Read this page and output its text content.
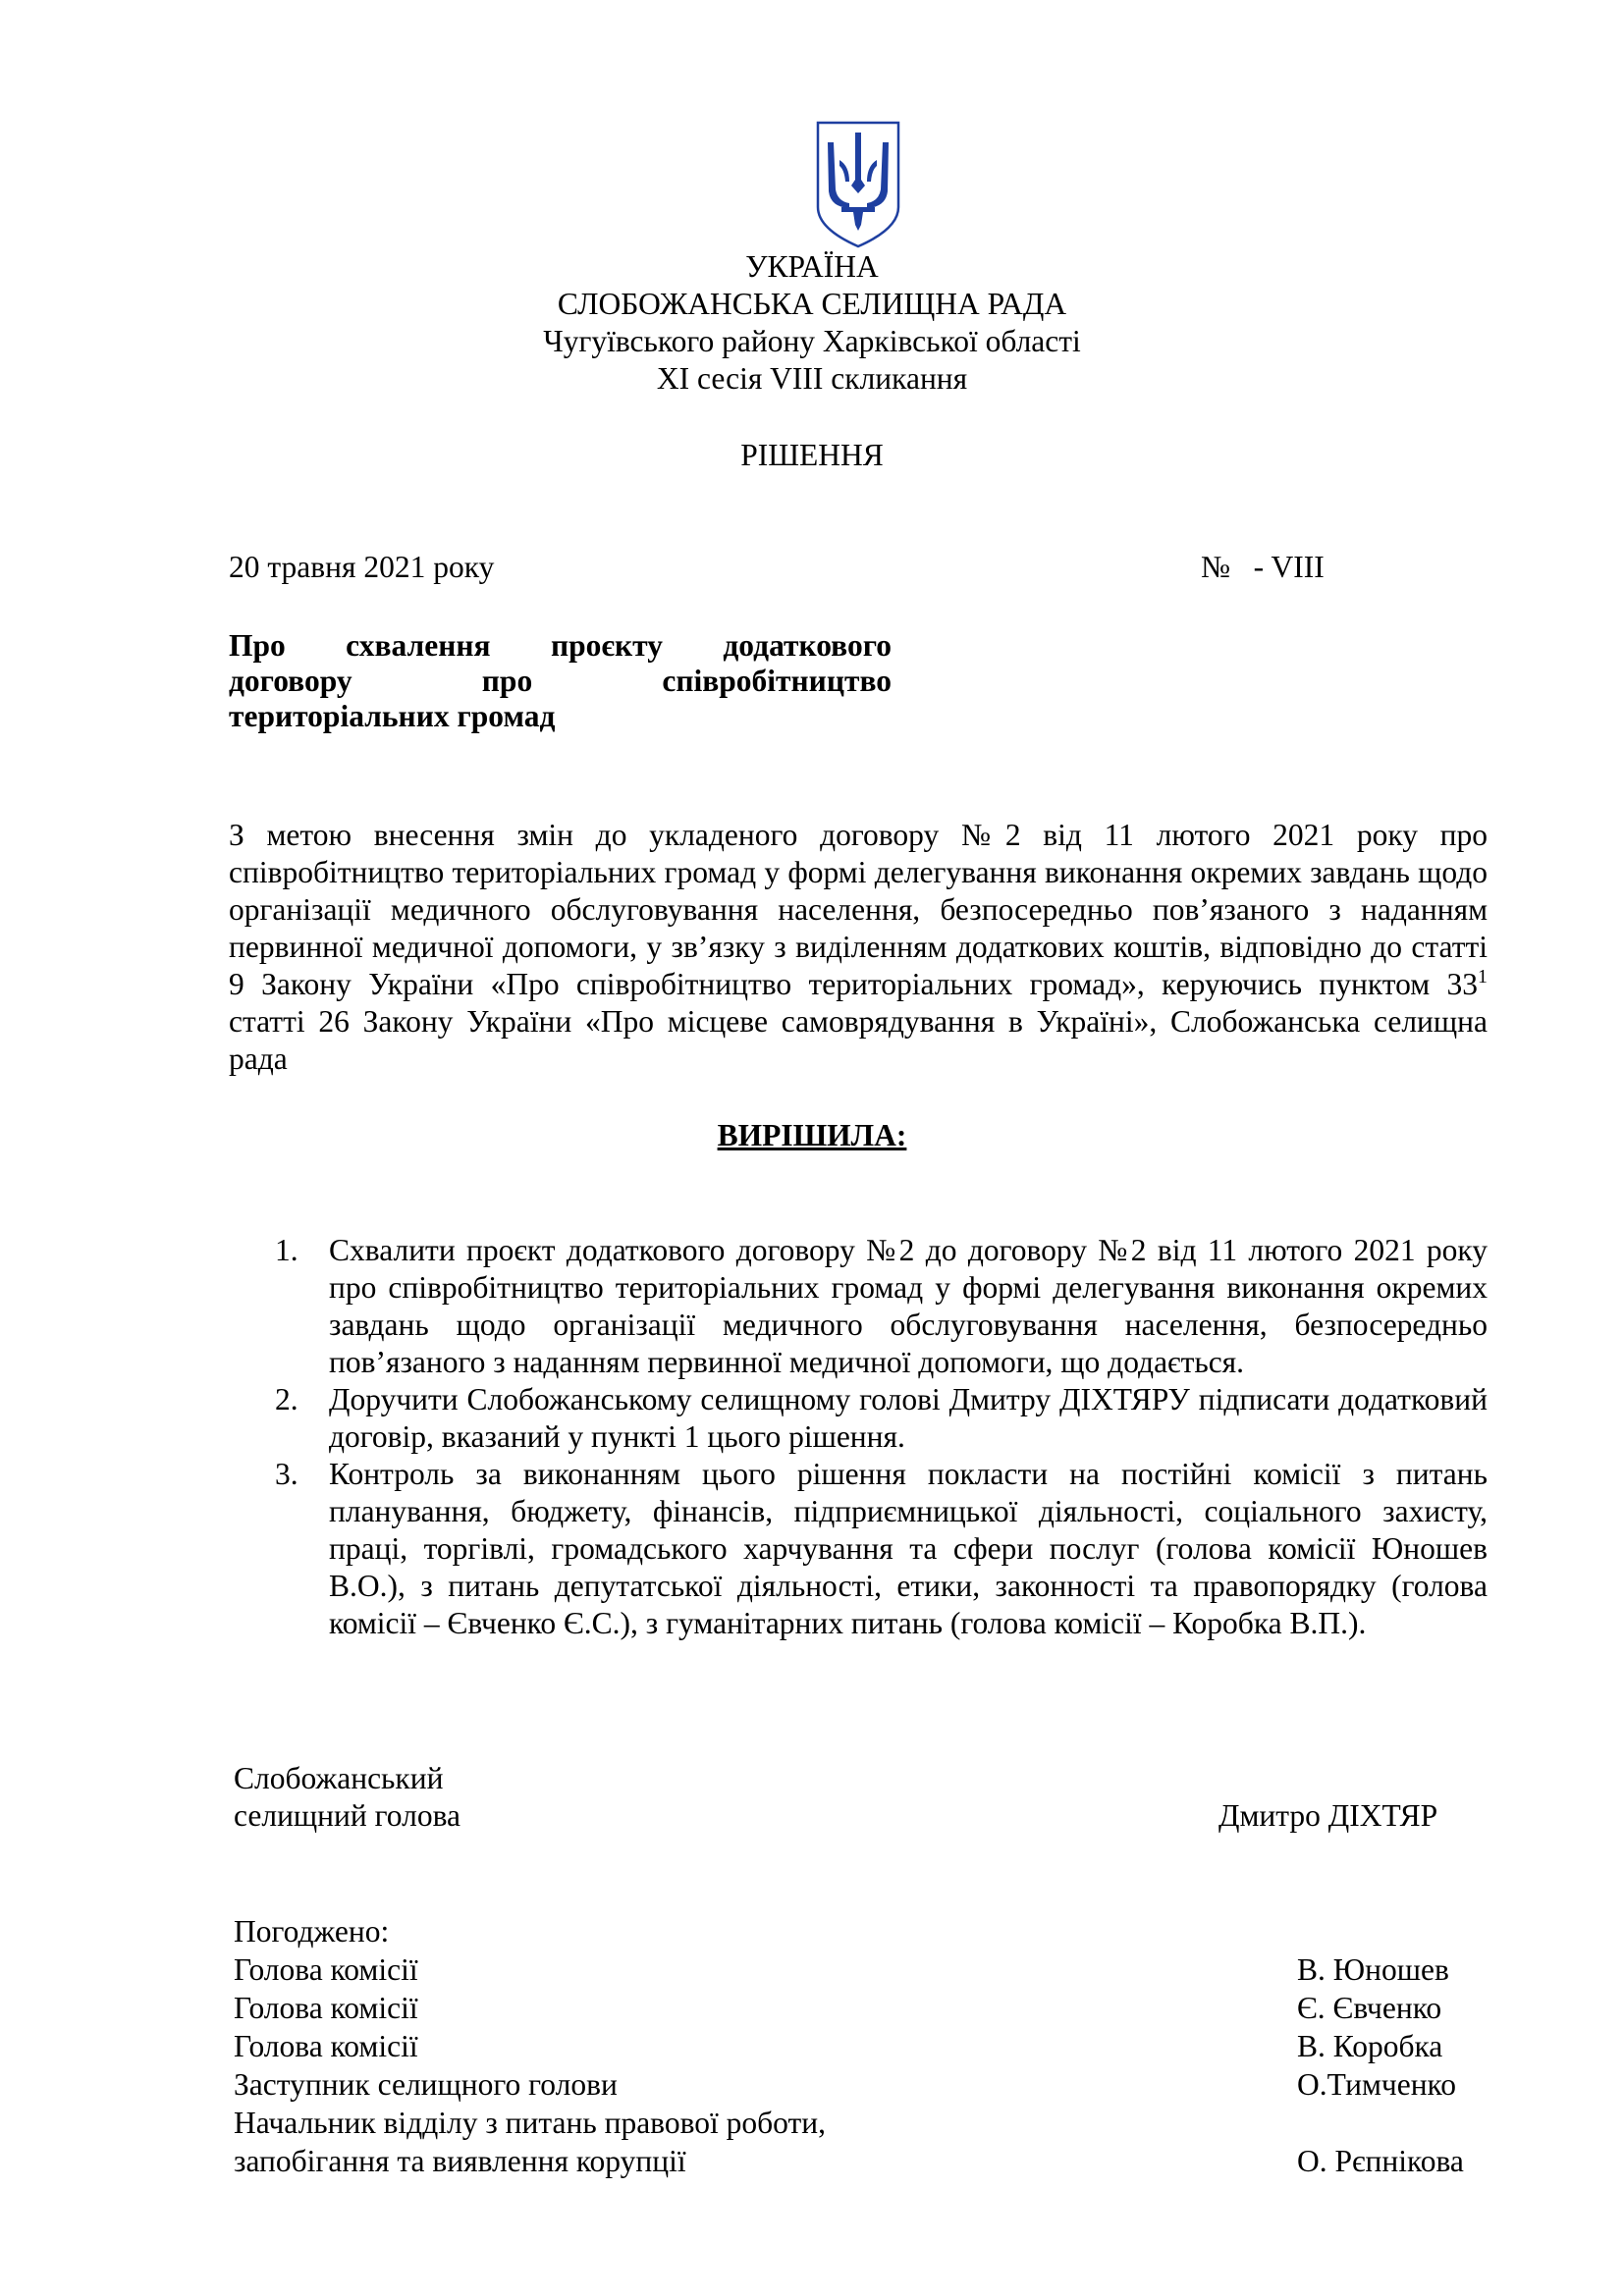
УКРАЇНА
СЛОБОЖАНСЬКА СЕЛИЩНА РАДА
Чугуївського району Харківської області
XI сесія VIII скликання
РІШЕННЯ
20 травня 2021 року	№   - VIII
Про схвалення проєкту додаткового
договору про співробітництво
територіальних громад
З метою внесення змін до укладеного договору №2 від 11 лютого 2021 року про співробітництво територіальних громад у формі делегування виконання окремих завдань щодо організації медичного обслуговування населення, безпосередньо пов’язаного з наданням первинної медичної допомоги, у зв’язку з виділенням додаткових коштів, відповідно до статті 9 Закону України «Про співробітництво територіальних громад», керуючись пунктом $33^1$ статті 26 Закону України «Про місцеве самоврядування в Україні», Слобожанська селищна рада
ВИРІШИЛА:
1. Схвалити проєкт додаткового договору №2 до договору №2 від 11 лютого 2021 року про співробітництво територіальних громад у формі делегування виконання окремих завдань щодо організації медичного обслуговування населення, безпосередньо пов’язаного з наданням первинної медичної допомоги, що додається.
2. Доручити Слобожанському селищному голові Дмитру ДІХТЯРУ підписати додатковий договір, вказаний у пункті 1 цього рішення.
3. Контроль за виконанням цього рішення покласти на постійні комісії з питань планування, бюджету, фінансів, підприємницької діяльності, соціального захисту, праці, торгівлі, громадського харчування та сфери послуг (голова комісії Юношев В.О.), з питань депутатської діяльності, етики, законності та правопорядку (голова комісії – Євченко Є.С.), з гуманітарних питань (голова комісії – Коробка В.П.).
Слобожанський
селищний голова	Дмитро ДІХТЯР
Погоджено:
Голова комісії	В. Юношев
Голова комісії	Є. Євченко
Голова комісії	В. Коробка
Заступник селищного голови	О.Тимченко
Начальник відділу з питань правової роботи,
запобігання та виявлення корупції	О. Рєпнікова
